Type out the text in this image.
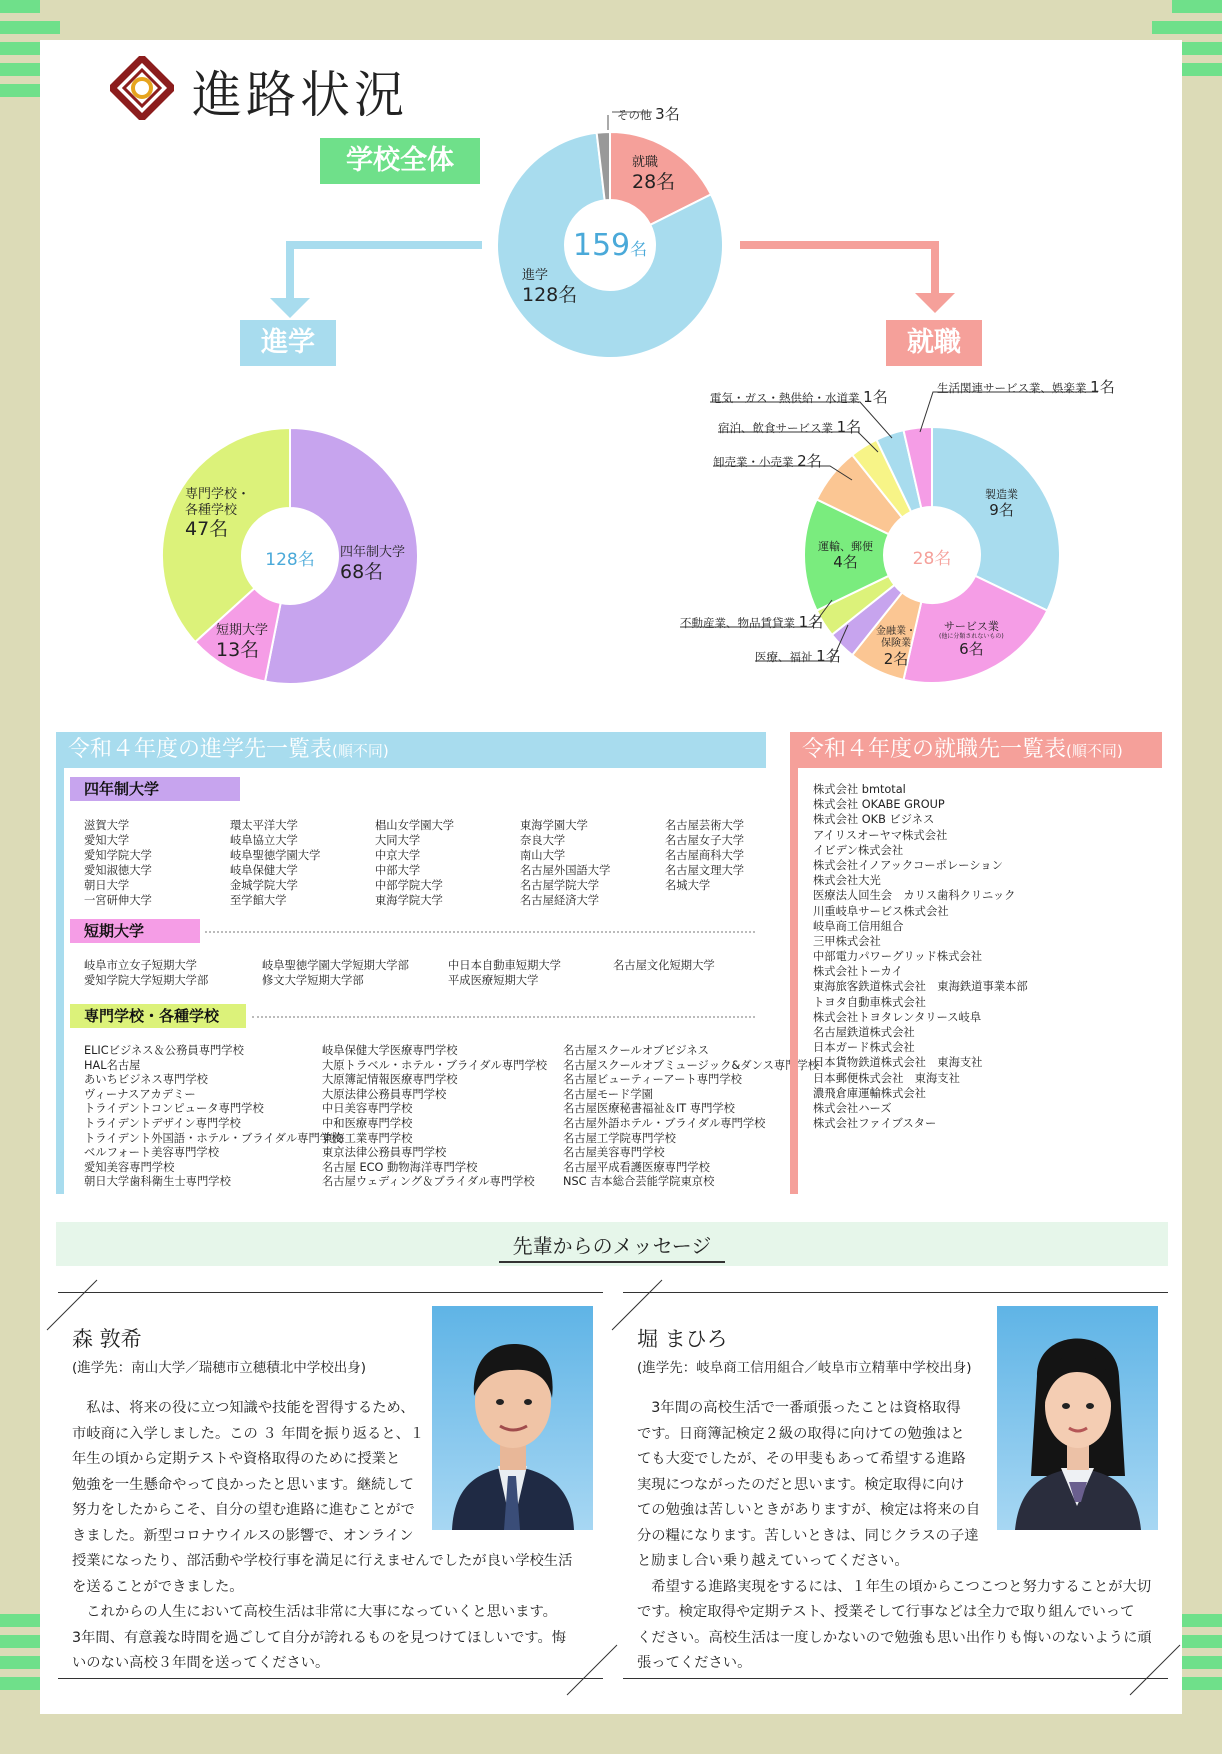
進路状況
学校全体
159名
就職
28名
進学
128名
その他 3名
進学	就職
128名	四年制大学
68名
短期大学
13名
専門学校・
各種学校
47名
28名
製造業
9名
サービス業
(他に分類されないもの)
6名
金融業・
保険業
2名
運輸、郵便
4名
電気・ガス・熱供給・水道業 1名	生活関連サービス業、娯楽業 1名
宿泊、飲食サービス業 1名
卸売業・小売業 2名
不動産業、物品賃貸業 1名
医療、福祉 1名
令和４年度の進学先一覧表(順不同)
四年制大学
滋賀大学
愛知大学
愛知学院大学
愛知淑徳大学
朝日大学
一宮研伸大学
環太平洋大学
岐阜協立大学
岐阜聖徳学園大学
岐阜保健大学
金城学院大学
至学館大学
椙山女学園大学
大同大学
中京大学
中部大学
中部学院大学
東海学院大学
東海学園大学
奈良大学
南山大学
名古屋外国語大学
名古屋学院大学
名古屋経済大学
名古屋芸術大学
名古屋女子大学
名古屋商科大学
名古屋文理大学
名城大学
短期大学
岐阜市立女子短期大学
愛知学院大学短期大学部
岐阜聖徳学園大学短期大学部
修文大学短期大学部
中日本自動車短期大学
平成医療短期大学
名古屋文化短期大学
専門学校・各種学校
ELICビジネス＆公務員専門学校
HAL名古屋
あいちビジネス専門学校
ヴィーナスアカデミー
トライデントコンピュータ専門学校
トライデントデザイン専門学校
トライデント外国語・ホテル・ブライダル専門学校
ベルフォート美容専門学校
愛知美容専門学校
朝日大学歯科衛生士専門学校
岐阜保健大学医療専門学校
大原トラベル・ホテル・ブライダル専門学校
大原簿記情報医療専門学校
大原法律公務員専門学校
中日美容専門学校
中和医療専門学校
東海工業専門学校
東京法律公務員専門学校
名古屋 ECO 動物海洋専門学校
名古屋ウェディング＆ブライダル専門学校
名古屋スクールオブビジネス
名古屋スクールオブミュージック&ダンス専門学校
名古屋ビューティーアート専門学校
名古屋モード学園
名古屋医療秘書福祉＆IT 専門学校
名古屋外語ホテル・ブライダル専門学校
名古屋工学院専門学校
名古屋美容専門学校
名古屋平成看護医療専門学校
NSC 吉本総合芸能学院東京校
令和４年度の就職先一覧表(順不同)
株式会社 bmtotal
株式会社 OKABE GROUP
株式会社 OKB ビジネス
アイリスオーヤマ株式会社
イビデン株式会社
株式会社イノアックコーポレーション
株式会社大光
医療法人回生会　カリス歯科クリニック
川重岐阜サービス株式会社
岐阜商工信用組合
三甲株式会社
中部電力パワーグリッド株式会社
株式会社トーカイ
東海旅客鉄道株式会社　東海鉄道事業本部
トヨタ自動車株式会社
株式会社トヨタレンタリース岐阜
名古屋鉄道株式会社
日本ガード株式会社
日本貨物鉄道株式会社　東海支社
日本郵便株式会社　東海支社
濃飛倉庫運輸株式会社
株式会社ハーズ
株式会社ファイブスター
先輩からのメッセージ
森 敦希
(進学先：南山大学／瑞穂市立穂積北中学校出身)
　私は、将来の役に立つ知識や技能を習得するため、
市岐商に入学しました。この ３ 年間を振り返ると、１
年生の頃から定期テストや資格取得のために授業と
勉強を一生懸命やって良かったと思います。継続して
努力をしたからこそ、自分の望む進路に進むことがで
きました。新型コロナウイルスの影響で、オンライン
授業になったり、部活動や学校行事を満足に行えませんでしたが良い学校生活
を送ることができました。
　これからの人生において高校生活は非常に大事になっていくと思います。
3年間、有意義な時間を過ごして自分が誇れるものを見つけてほしいです。悔
いのない高校３年間を送ってください。
堀 まひろ
(進学先：岐阜商工信用組合／岐阜市立精華中学校出身)
　3年間の高校生活で一番頑張ったことは資格取得
です。日商簿記検定２級の取得に向けての勉強はと
ても大変でしたが、その甲斐もあって希望する進路
実現につながったのだと思います。検定取得に向け
ての勉強は苦しいときがありますが、検定は将来の自
分の糧になります。苦しいときは、同じクラスの子達
と励まし合い乗り越えていってください。
　希望する進路実現をするには、１年生の頃からこつこつと努力することが大切
です。検定取得や定期テスト、授業そして行事などは全力で取り組んでいって
ください。高校生活は一度しかないので勉強も思い出作りも悔いのないように頑
張ってください。
